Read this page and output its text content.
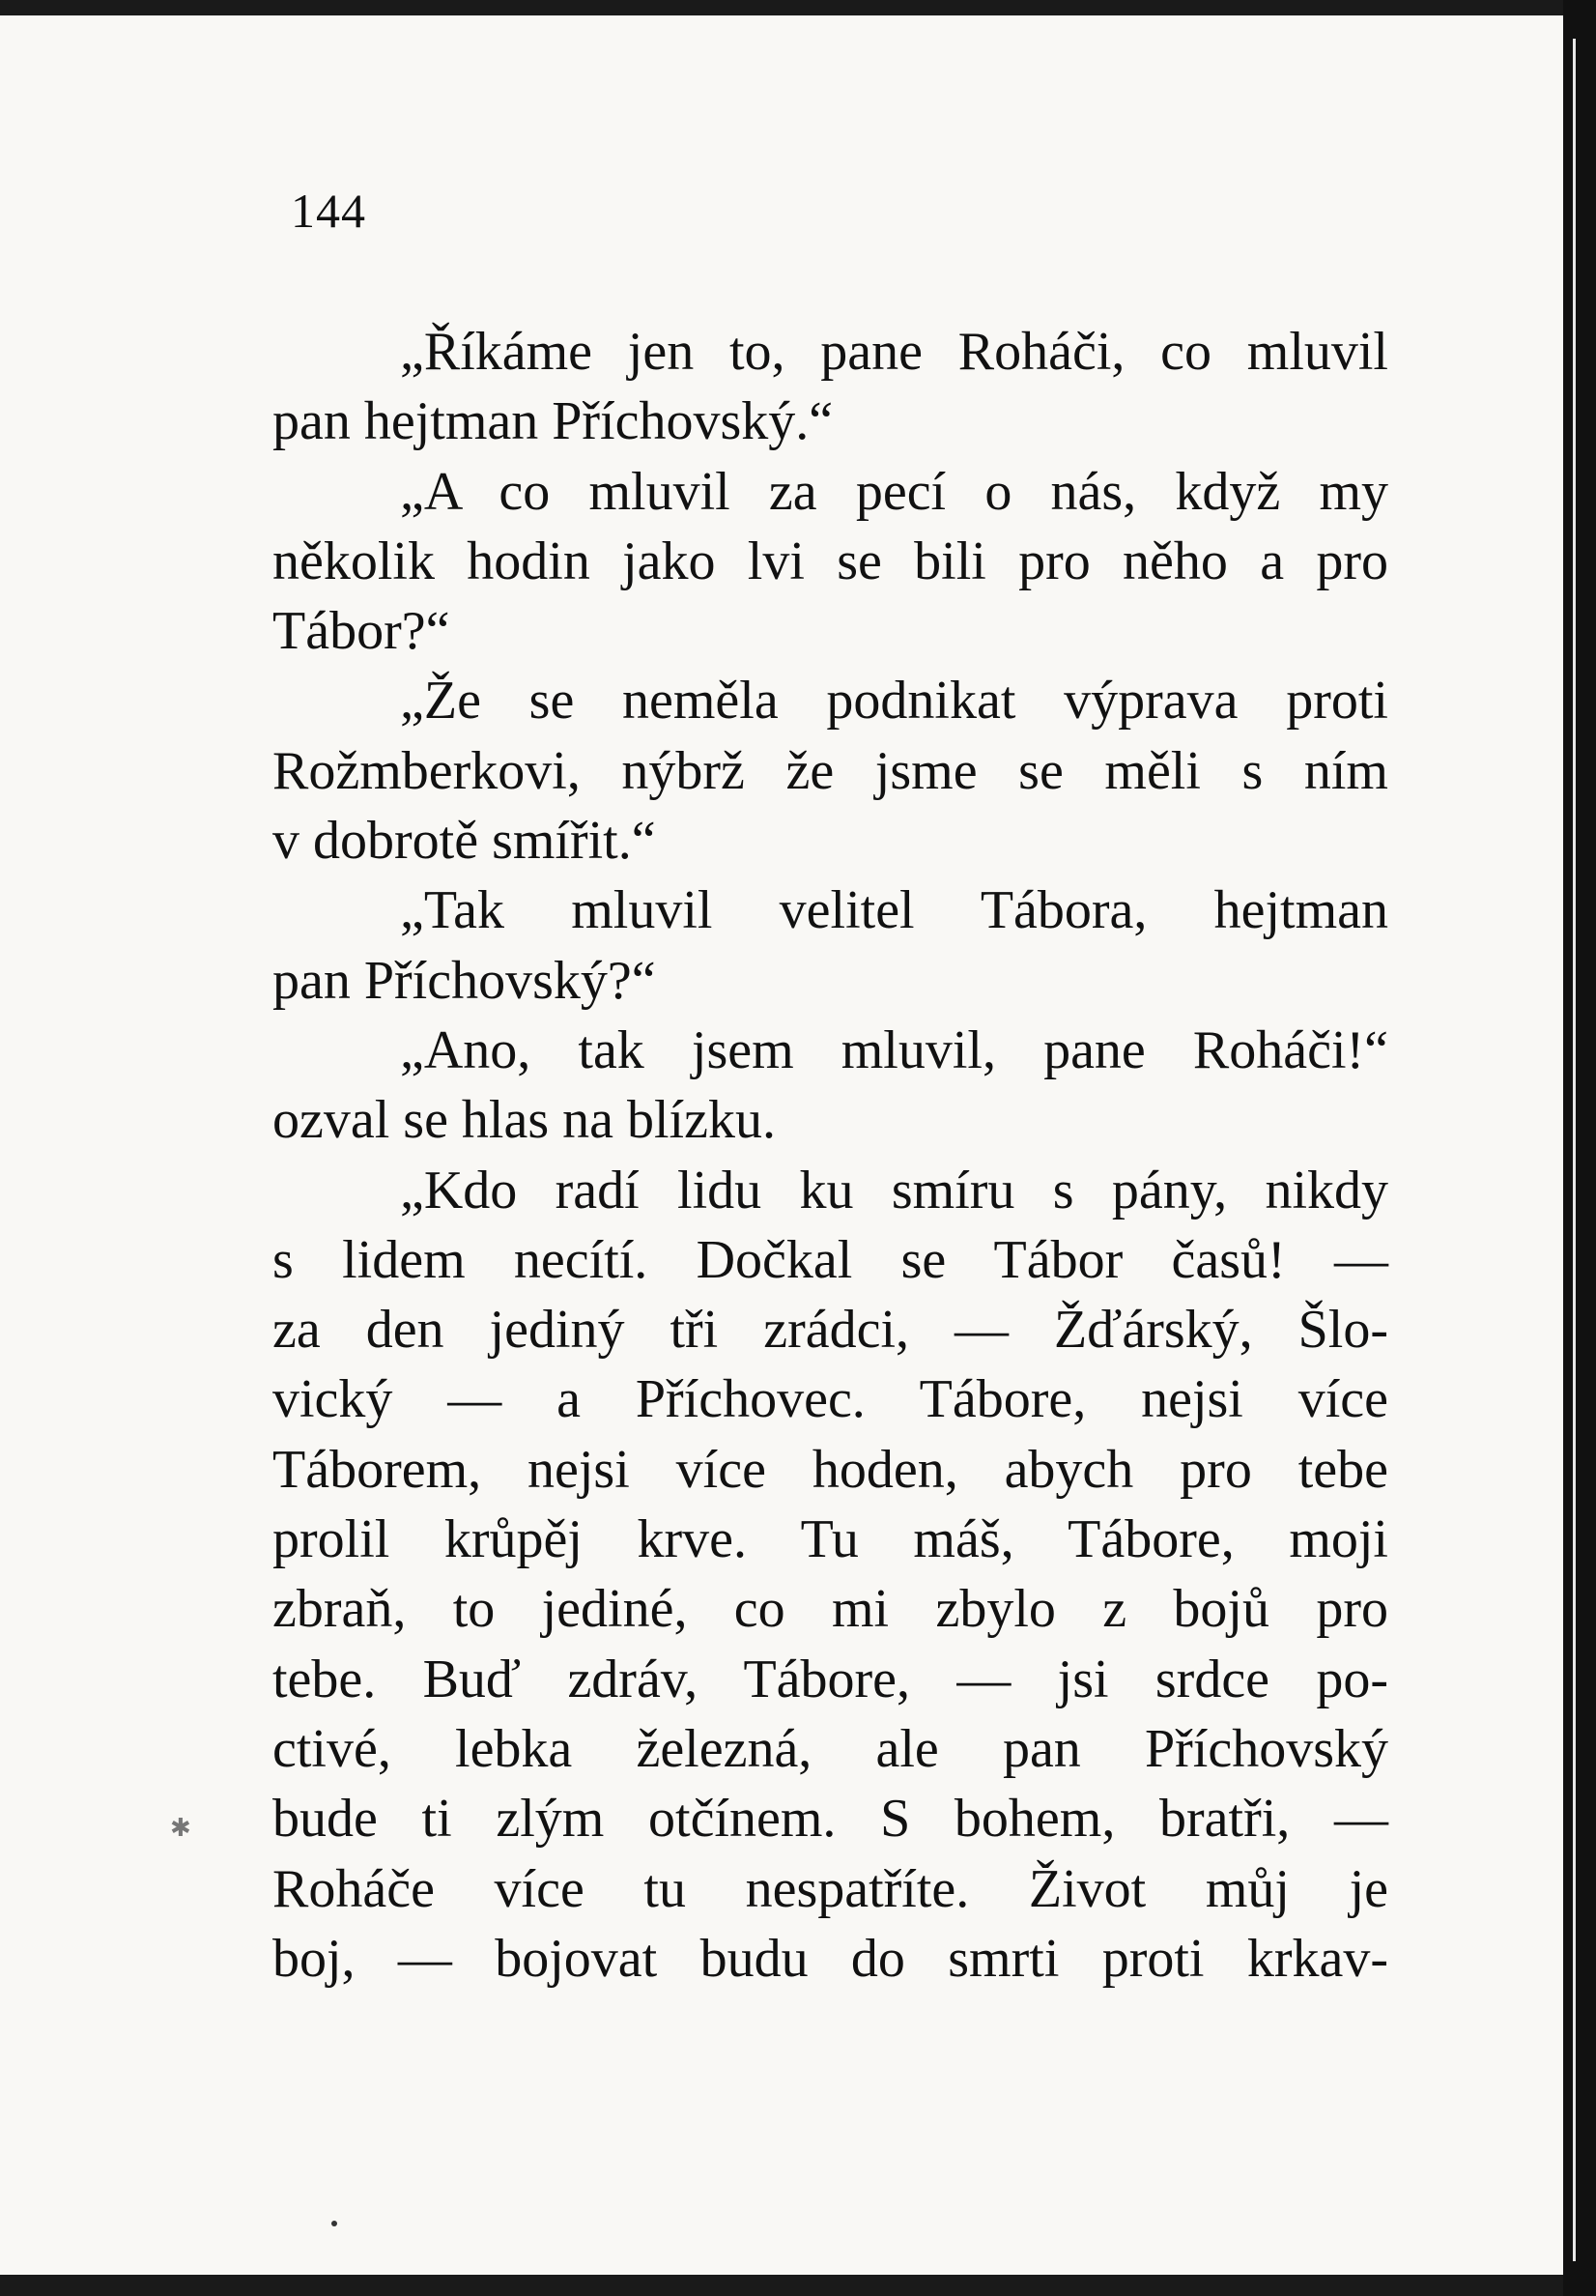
144
„Říkáme jen to, pane Roháči, co mluvil
pan hejtman Příchovský.“
„A co mluvil za pecí o nás, když my
několik hodin jako lvi se bili pro něho a pro
Tábor?“
„Že se neměla podnikat výprava proti
Rožmberkovi, nýbrž že jsme se měli s ním
v dobrotě smířit.“
„Tak mluvil velitel Tábora, hejtman
pan Příchovský?“
„Ano, tak jsem mluvil, pane Roháči!“
ozval se hlas na blízku.
„Kdo radí lidu ku smíru s pány, nikdy
s lidem necítí. Dočkal se Tábor časů! —
za den jediný tři zrádci, — Žďárský, Šlo-
vický — a Příchovec. Tábore, nejsi více
Táborem, nejsi více hoden, abych pro tebe
prolil krůpěj krve. Tu máš, Tábore, moji
zbraň, to jediné, co mi zbylo z bojů pro
tebe. Buď zdráv, Tábore, — jsi srdce po-
ctivé, lebka železná, ale pan Příchovský
bude ti zlým otčínem. S bohem, bratři, —
Roháče více tu nespatříte. Život můj je
boj, — bojovat budu do smrti proti krkav-
✱
